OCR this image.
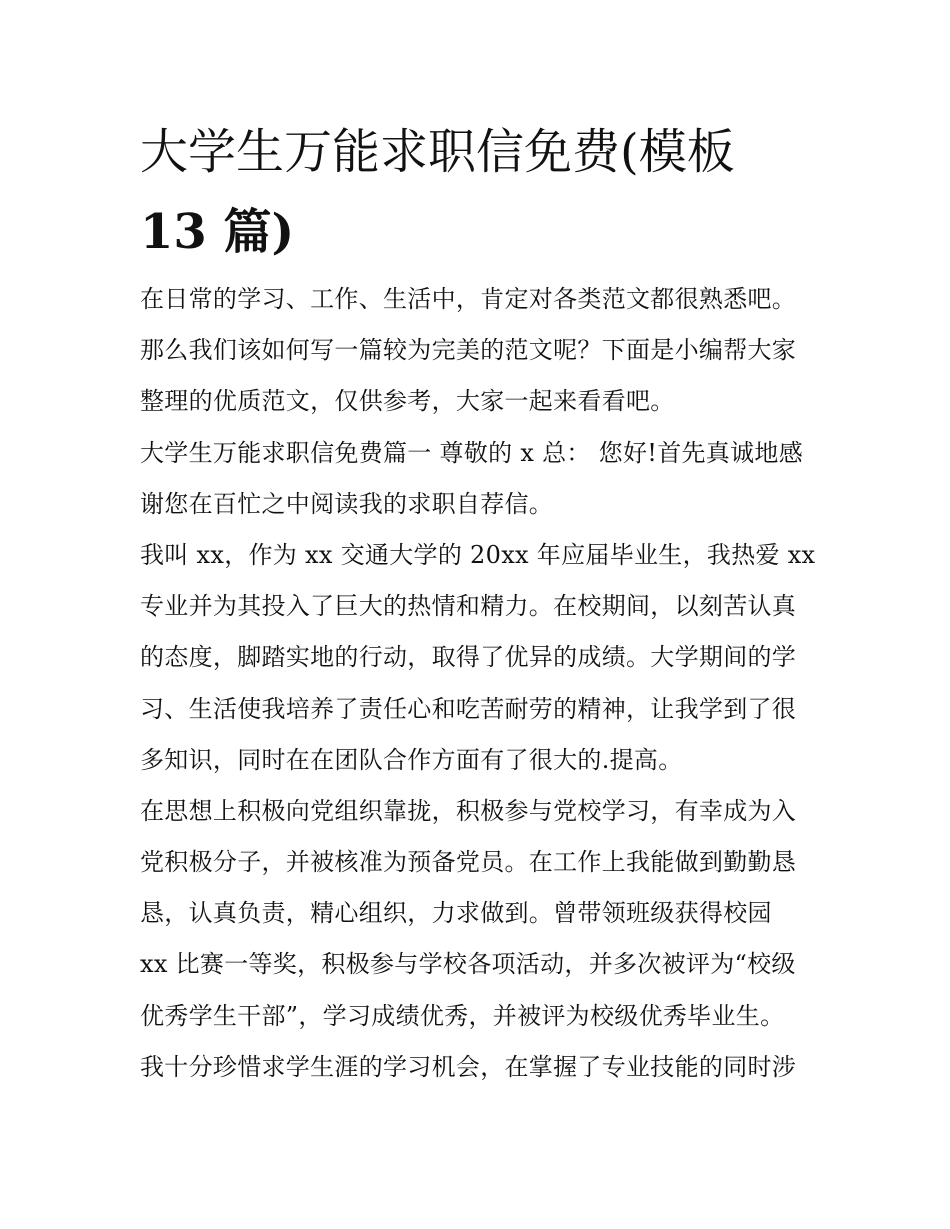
大学生万能求职信免费(模板
13 篇)
在日常的学习、工作、生活中，肯定对各类范文都很熟悉吧。
那么我们该如何写一篇较为完美的范文呢？下面是小编帮大家
整理的优质范文，仅供参考，大家一起来看看吧。
大学生万能求职信免费篇一 尊敬的 x 总： 您好!首先真诚地感
谢您在百忙之中阅读我的求职自荐信。
我叫 xx，作为 xx 交通大学的 20xx 年应届毕业生，我热爱 xx
专业并为其投入了巨大的热情和精力。在校期间，以刻苦认真
的态度，脚踏实地的行动，取得了优异的成绩。大学期间的学
习、生活使我培养了责任心和吃苦耐劳的精神，让我学到了很
多知识，同时在在团队合作方面有了很大的.提高。
在思想上积极向党组织靠拢，积极参与党校学习，有幸成为入
党积极分子，并被核准为预备党员。在工作上我能做到勤勤恳
恳，认真负责，精心组织，力求做到。曾带领班级获得校园
xx 比赛一等奖，积极参与学校各项活动，并多次被评为“校级
优秀学生干部”，学习成绩优秀，并被评为校级优秀毕业生。
我十分珍惜求学生涯的学习机会，在掌握了专业技能的同时涉
